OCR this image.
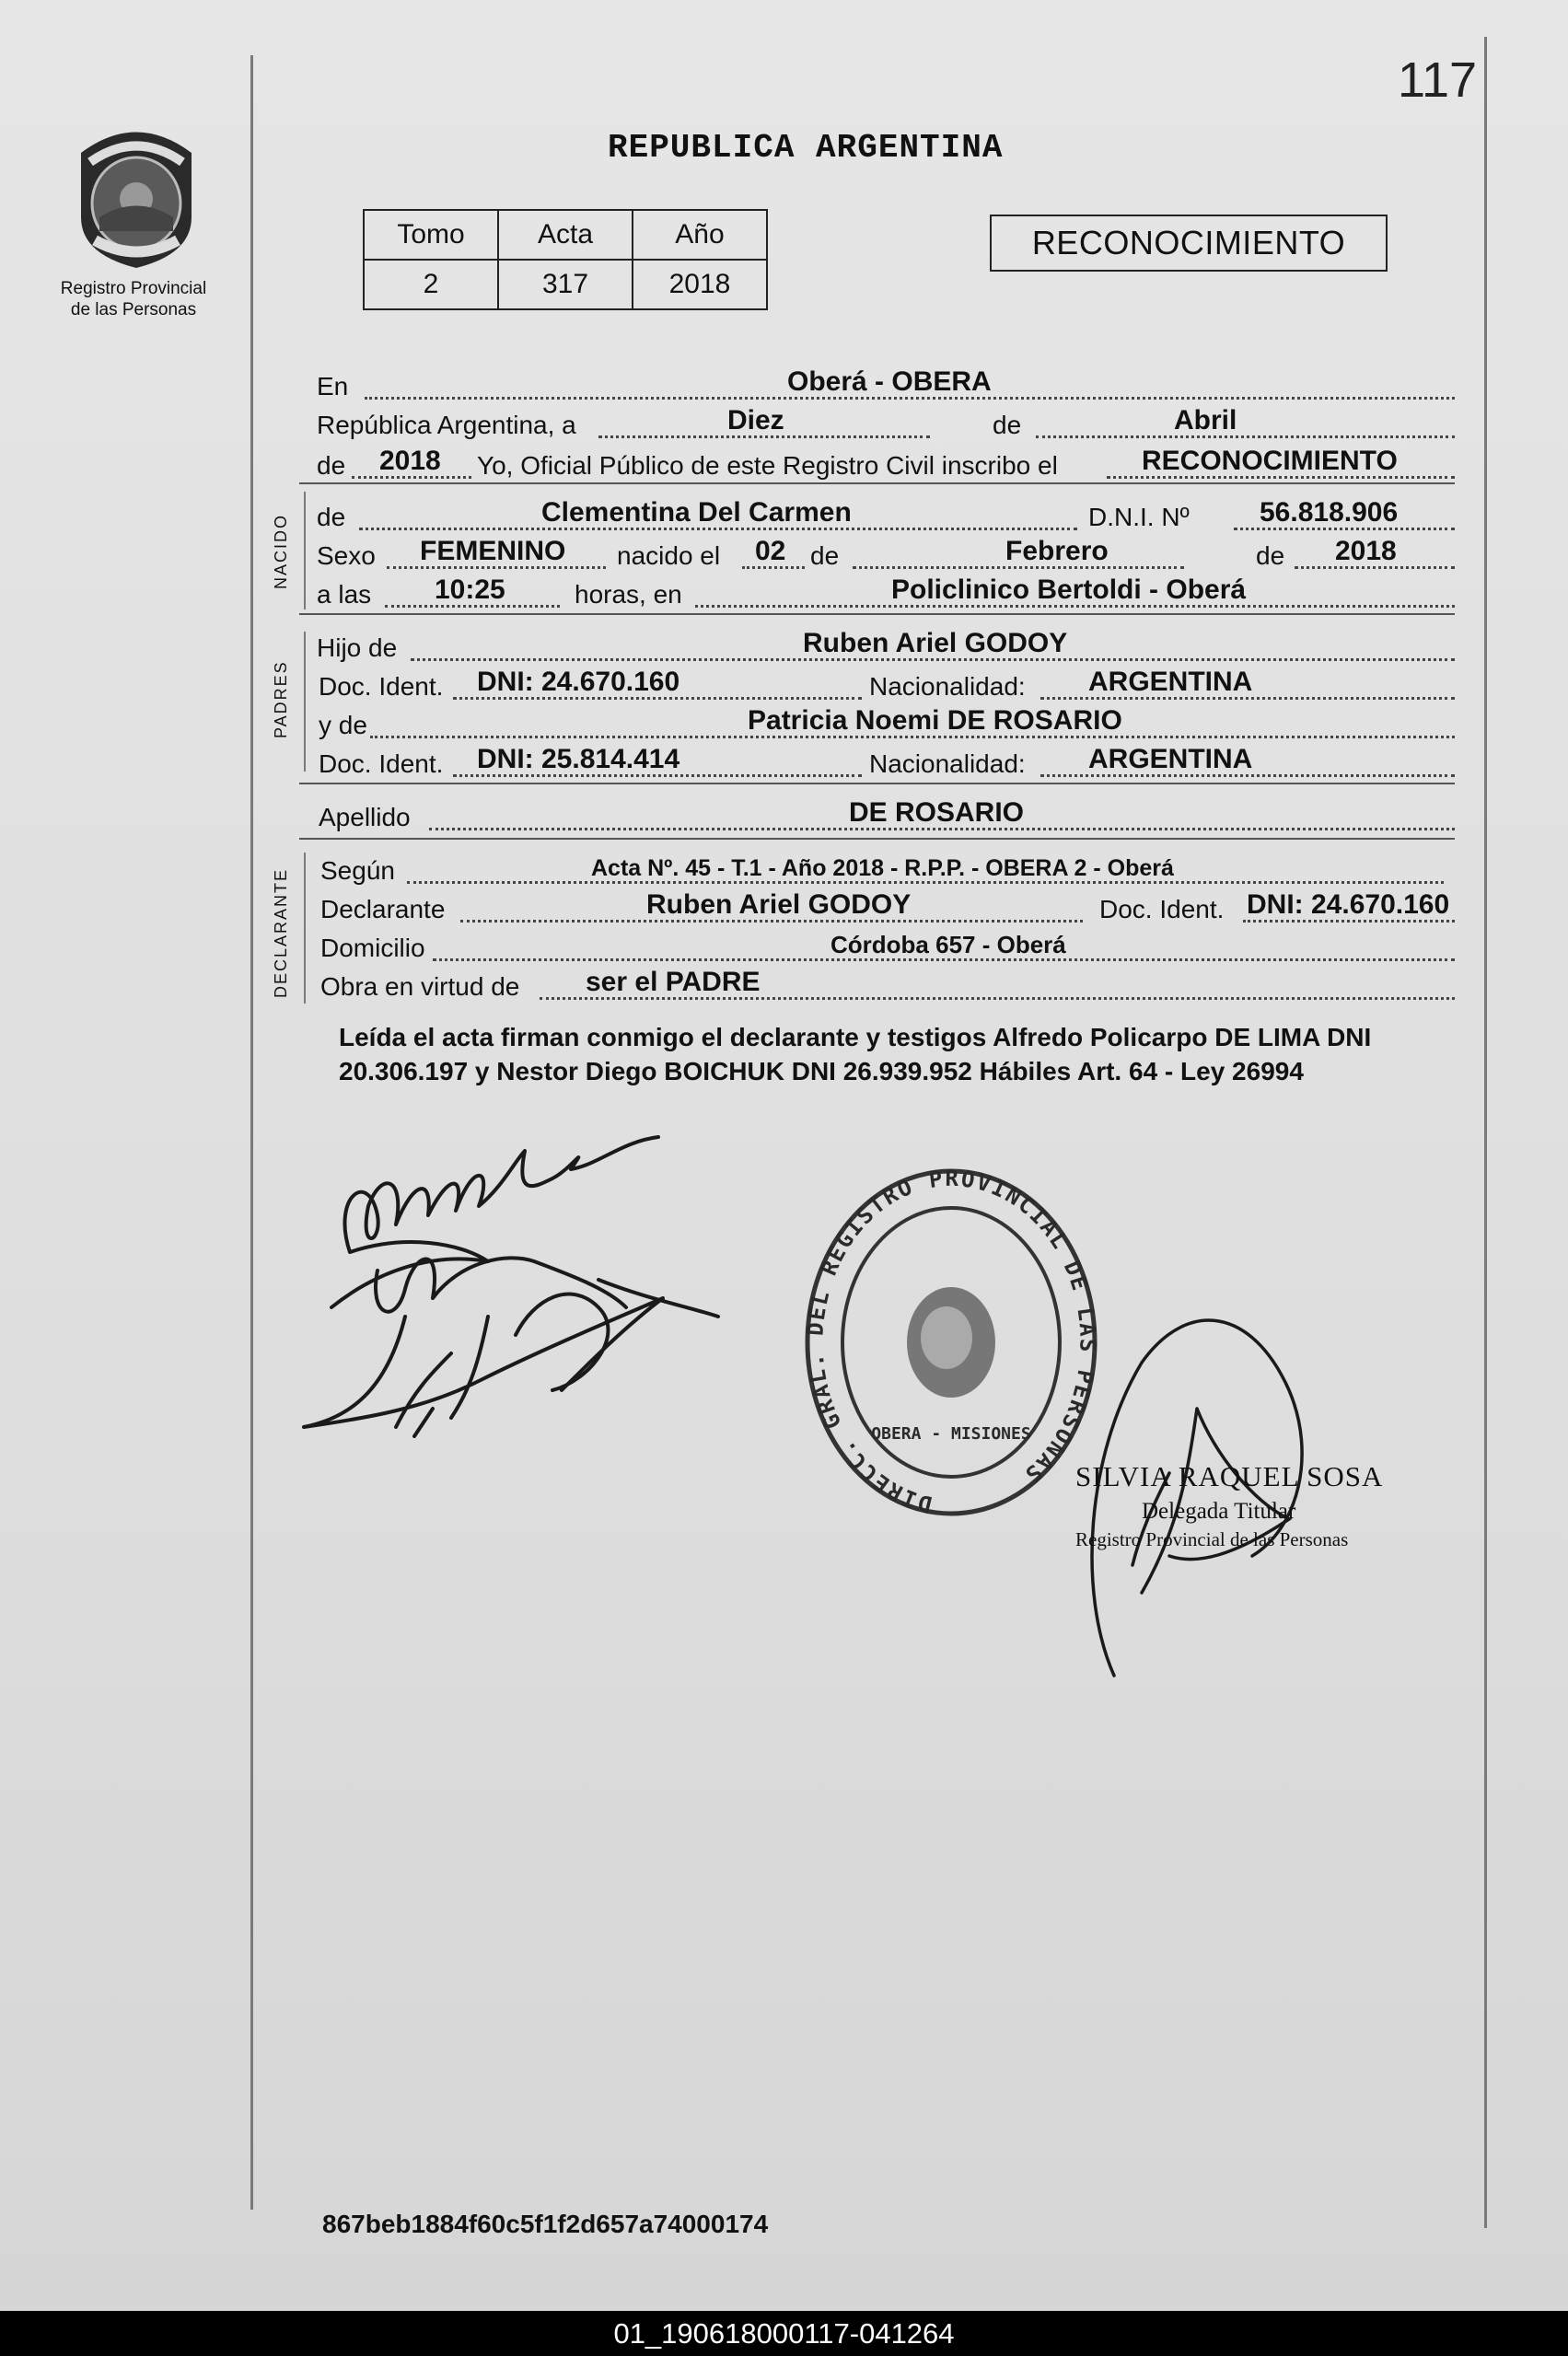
117
Registro Provincial
de las Personas
REPUBLICA ARGENTINA
Tomo	Acta	Año
2	317	2018
RECONOCIMIENTO
En	Oberá - OBERA
República Argentina, a	Diez	de	Abril
de 2018 Yo, Oficial Público de este Registro Civil inscribo el	RECONOCIMIENTO
NACIDO de	Clementina Del Carmen	D.N.I. Nº	56.818.906
Sexo FEMENINO nacido el 02 de	Febrero	de 2018
a las 10:25	horas, en	Policlinico Bertoldi - Oberá
PADRES
Hijo de	Ruben Ariel GODOY
Doc. Ident. DNI: 24.670.160	Nacionalidad: ARGENTINA
y de	Patricia Noemi DE ROSARIO
Doc. Ident. DNI: 25.814.414	Nacionalidad: ARGENTINA
Apellido	DE ROSARIO
DECLARANTE Según	Acta Nº. 45 - T.1 - Año 2018 - R.P.P. - OBERA 2 - Oberá
Declarante	Ruben Ariel GODOY	Doc. Ident. DNI: 24.670.160
Domicilio	Córdoba 657 - Oberá
Obra en virtud de ser el PADRE
Leída el acta firman conmigo el declarante y testigos Alfredo Policarpo DE LIMA DNI 20.306.197 y Nestor Diego BOICHUK DNI 26.939.952 Hábiles Art. 64 - Ley 26994
DIRECC. GRAL. DEL REGISTRO PROVINCIAL DE LAS PERSONAS
OBERA - MISIONES
SILVIA RAQUEL SOSA
Delegada Titular
Registro Provincial de las Personas
867beb1884f60c5f1f2d657a74000174
01_190618000117-041264
